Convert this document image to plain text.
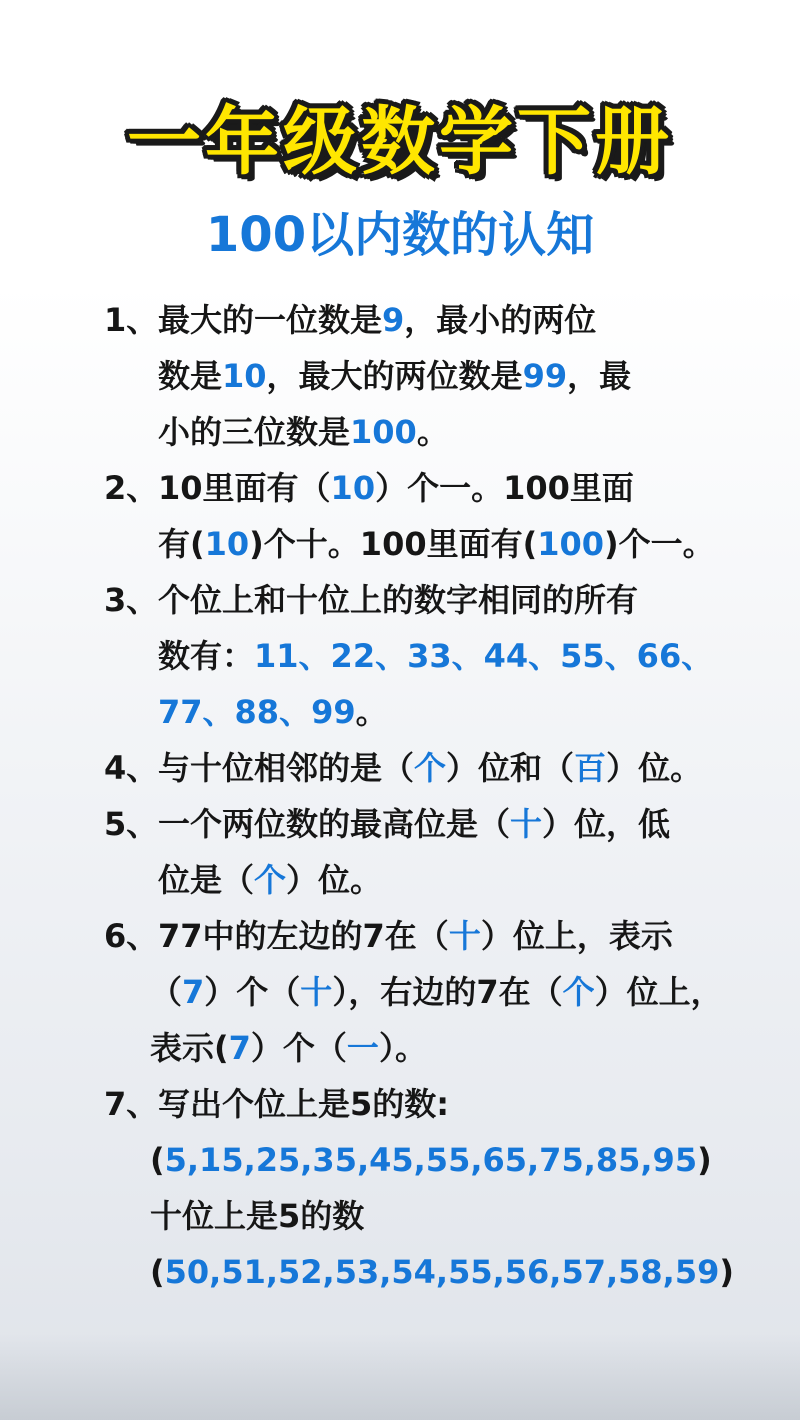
一年级数学下册
100以内数的认知
1、 最大的一位数是9，最小的两位
数是10，最大的两位数是99，最
小的三位数是100。
2、 10里面有（10）个一。100里面
有(10)个十。100里面有(100)个一。
3、 个位上和十位上的数字相同的所有
数有：11、22、33、44、55、66、
77、88、99。
4、 与十位相邻的是（个）位和（百）位。
5、 一个两位数的最高位是（十）位，低
位是（个）位。
6、 77中的左边的7在（十）位上，表示
（7）个（十），右边的7在（个）位上，
表示(7）个（一）。
7、 写出个位上是5的数:
(5,15,25,35,45,55,65,75,85,95)
十位上是5的数
(50,51,52,53,54,55,56,57,58,59)
